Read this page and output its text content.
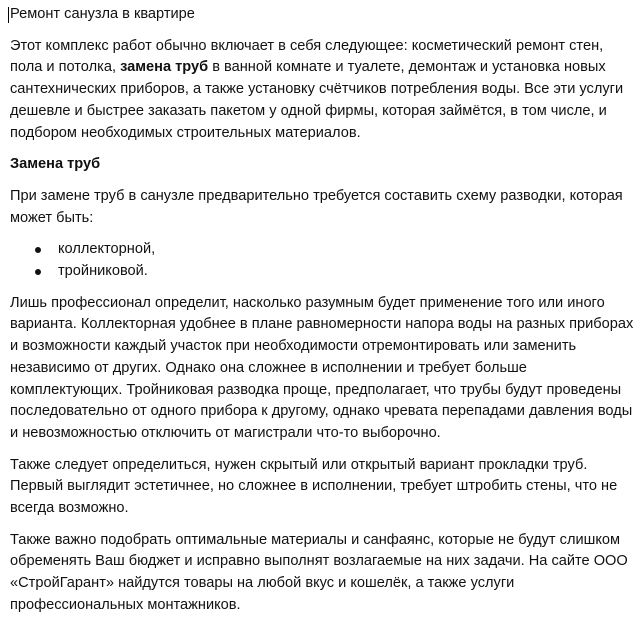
Ремонт санузла в квартире

Этот комплекс работ обычно включает в себя следующее: косметический ремонт стен, пола и потолка, замена труб в ванной комнате и туалете, демонтаж и установка новых сантехнических приборов, а также установку счётчиков потребления воды. Все эти услуги дешевле и быстрее заказать пакетом у одной фирмы, которая займётся, в том числе, и подбором необходимых строительных материалов.

Замена труб

При замене труб в санузле предварительно требуется составить схему разводки, которая может быть:

коллекторной,
тройниковой.

Лишь профессионал определит, насколько разумным будет применение того или иного варианта. Коллекторная удобнее в плане равномерности напора воды на разных приборах и возможности каждый участок при необходимости отремонтировать или заменить независимо от других. Однако она сложнее в исполнении и требует больше комплектующих. Тройниковая разводка проще, предполагает, что трубы будут проведены последовательно от одного прибора к другому, однако чревата перепадами давления воды и невозможностью отключить от магистрали что-то выборочно.

Также следует определиться, нужен скрытый или открытый вариант прокладки труб. Первый выглядит эстетичнее, но сложнее в исполнении, требует штробить стены, что не всегда возможно.

Также важно подобрать оптимальные материалы и санфаянс, которые не будут слишком обременять Ваш бюджет и исправно выполнят возлагаемые на них задачи. На сайте ООО «СтройГарант» найдутся товары на любой вкус и кошелёк, а также услуги профессиональных монтажников.
